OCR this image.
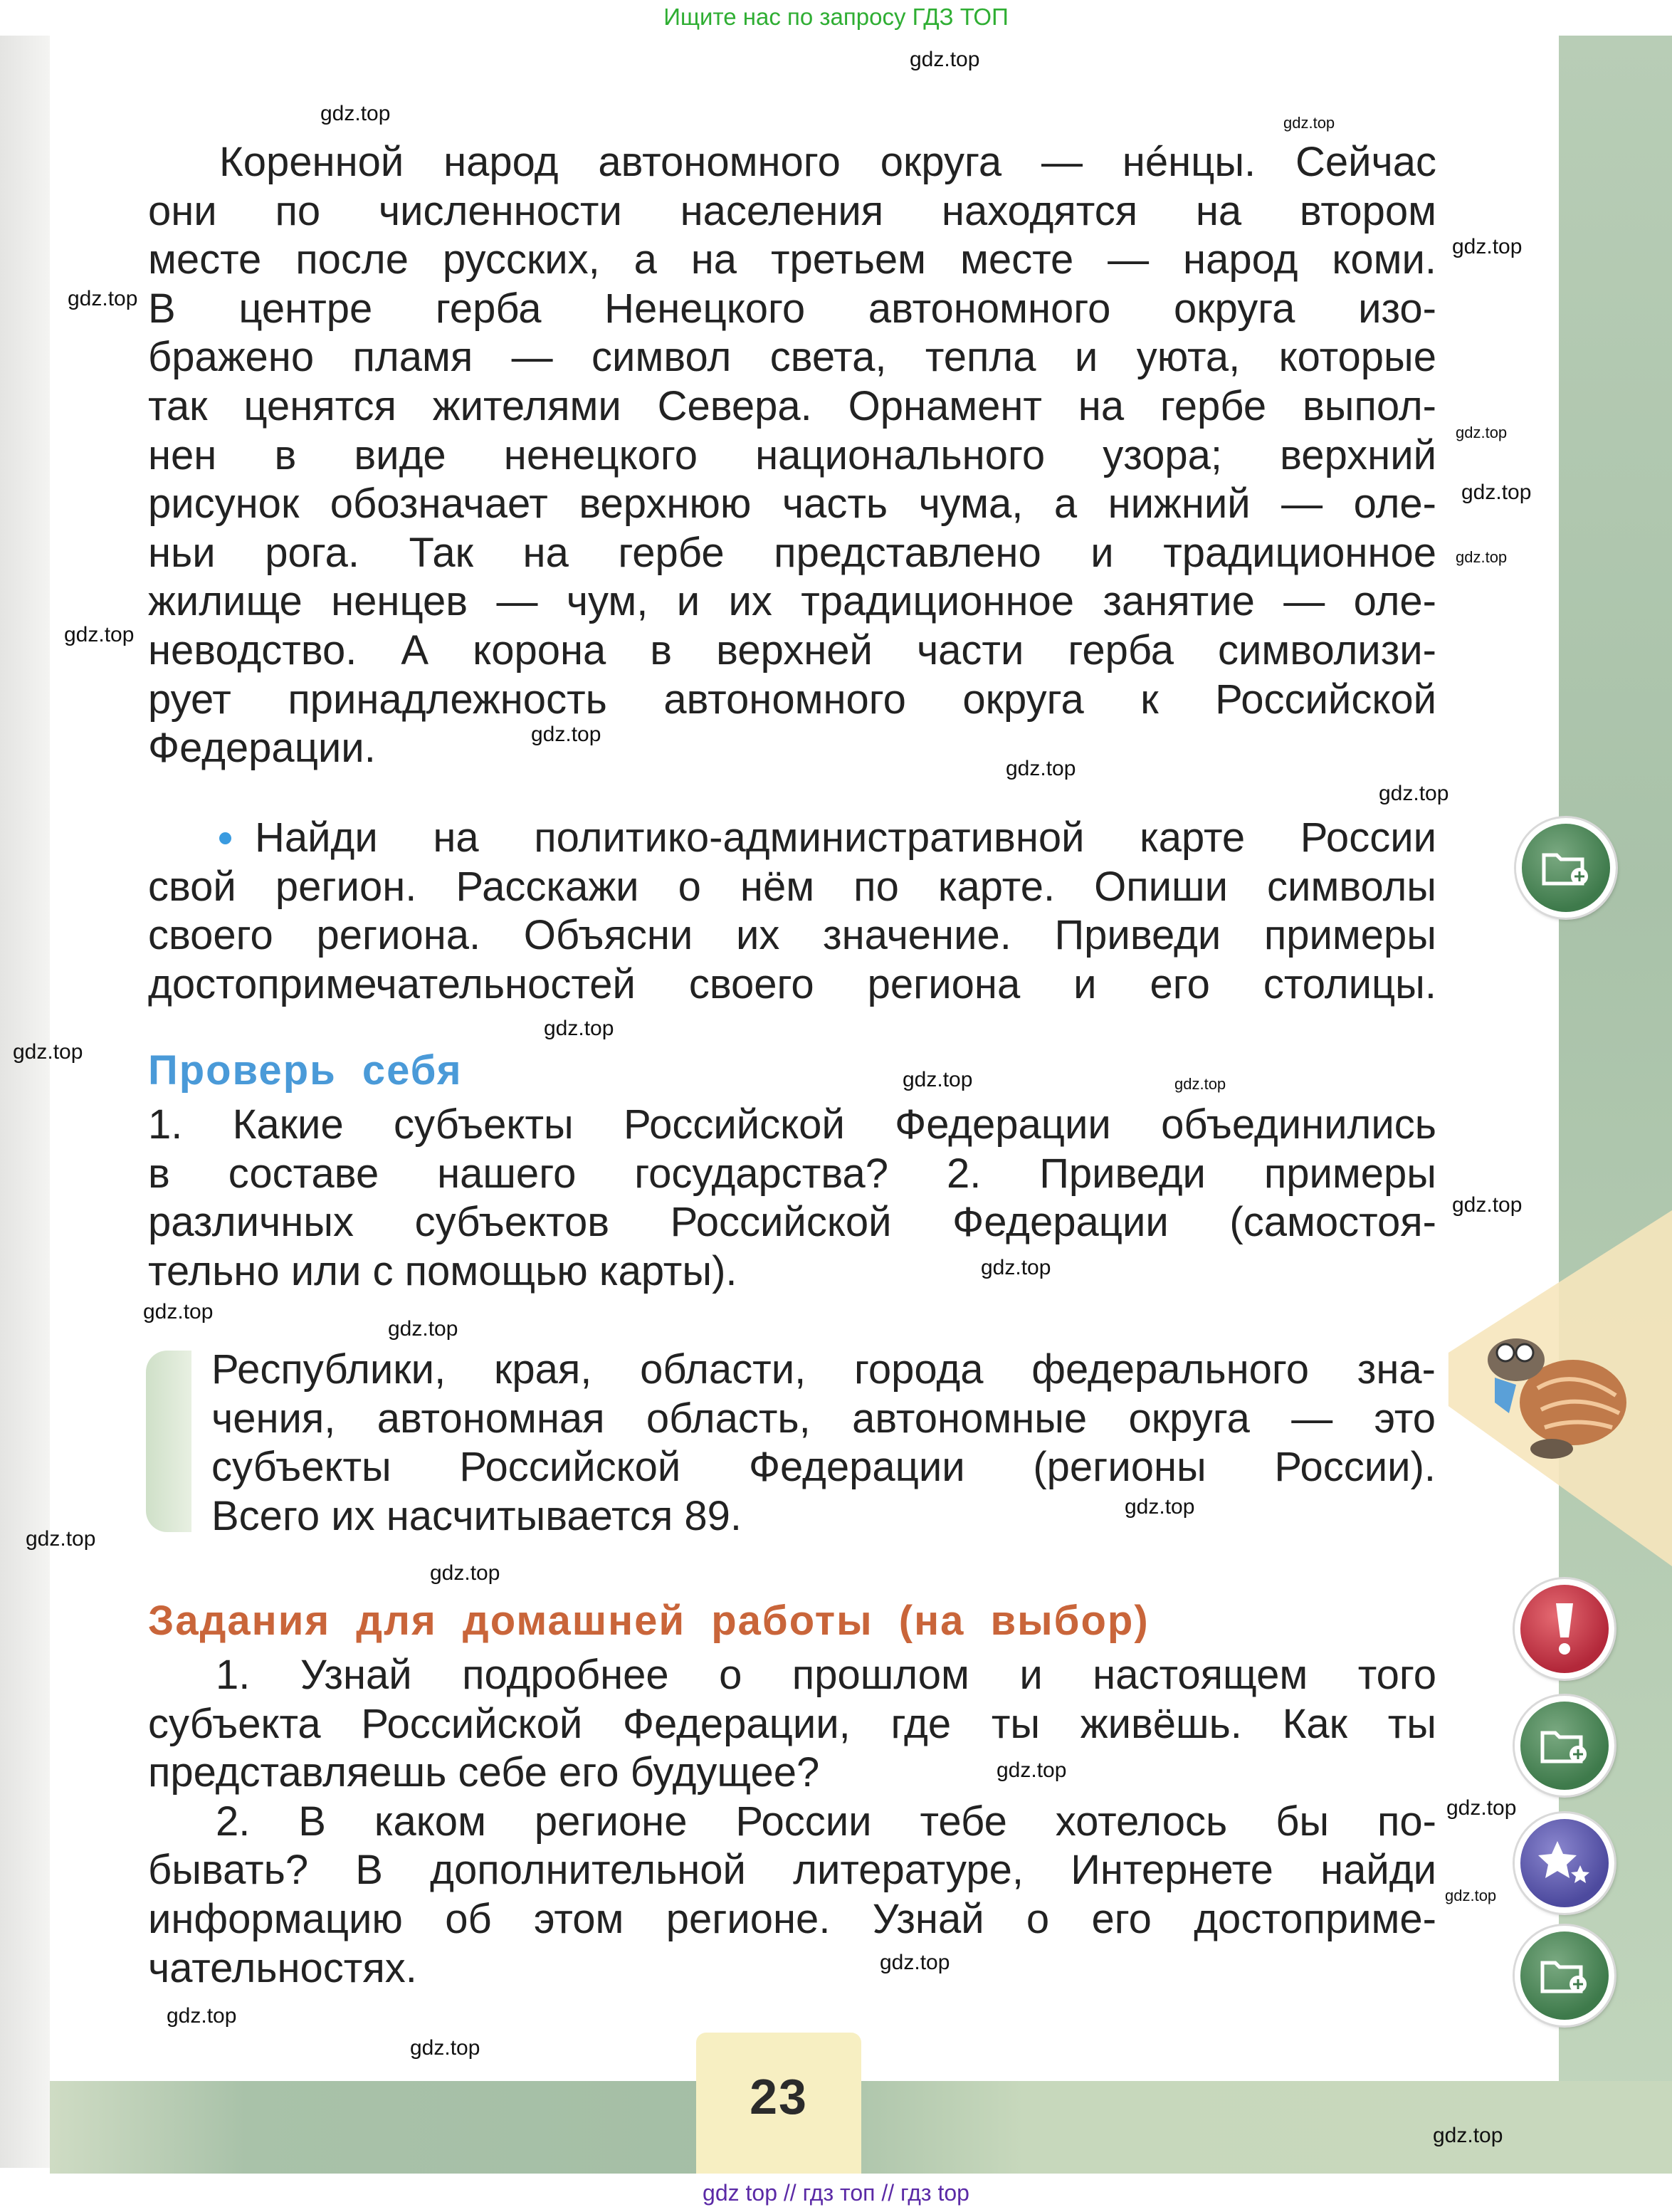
Ищите нас по запросу ГДЗ ТОП
Коренной народ автономного округа — нéнцы. Сейчас
они по численности населения находятся на втором
месте после русских, а на третьем месте — народ коми.
В центре герба Ненецкого автономного округа изо-
бражено пламя — символ света, тепла и уюта, которые
так ценятся жителями Севера. Орнамент на гербе выпол-
нен в виде ненецкого национального узора; верхний
рисунок обозначает верхнюю часть чума, а нижний — оле-
ньи рога. Так на гербе представлено и традиционное
жилище ненцев — чум, и их традиционное занятие — оле-
неводство. А корона в верхней части герба символизи-
рует принадлежность автономного округа к Российской
Федерации.
Найди на политико-административной карте России
свой регион. Расскажи о нём по карте. Опиши символы
своего региона. Объясни их значение. Приведи примеры
достопримечательностей своего региона и его столицы.
Проверь себя
1. Какие субъекты Российской Федерации объединились
в составе нашего государства? 2. Приведи примеры
различных субъектов Российской Федерации (самостоя-
тельно или с помощью карты).
Республики, края, области, города федерального зна-
чения, автономная область, автономные округа — это
субъекты Российской Федерации (регионы России).
Всего их насчитывается 89.
Задания для домашней работы (на выбор)
1. Узнай подробнее о прошлом и настоящем того
субъекта Российской Федерации, где ты живёшь. Как ты
представляешь себе его будущее?
2. В каком регионе России тебе хотелось бы по-
бывать? В дополнительной литературе, Интернете найди
информацию об этом регионе. Узнай о его достоприме-
чательностях.
23
gdz.top
gdz.top
gdz.top
gdz.top
gdz.top
gdz.top
gdz.top
gdz.top
gdz.top
gdz.top
gdz.top
gdz.top
gdz.top
gdz.top
gdz.top	gdz.top
gdz.top
gdz.top
gdz.top
gdz.top
gdz.top
gdz.top
gdz.top
gdz.top
gdz.top
gdz.top
gdz.top
gdz.top
gdz.top
gdz.top
gdz top // гдз топ // гдз top
